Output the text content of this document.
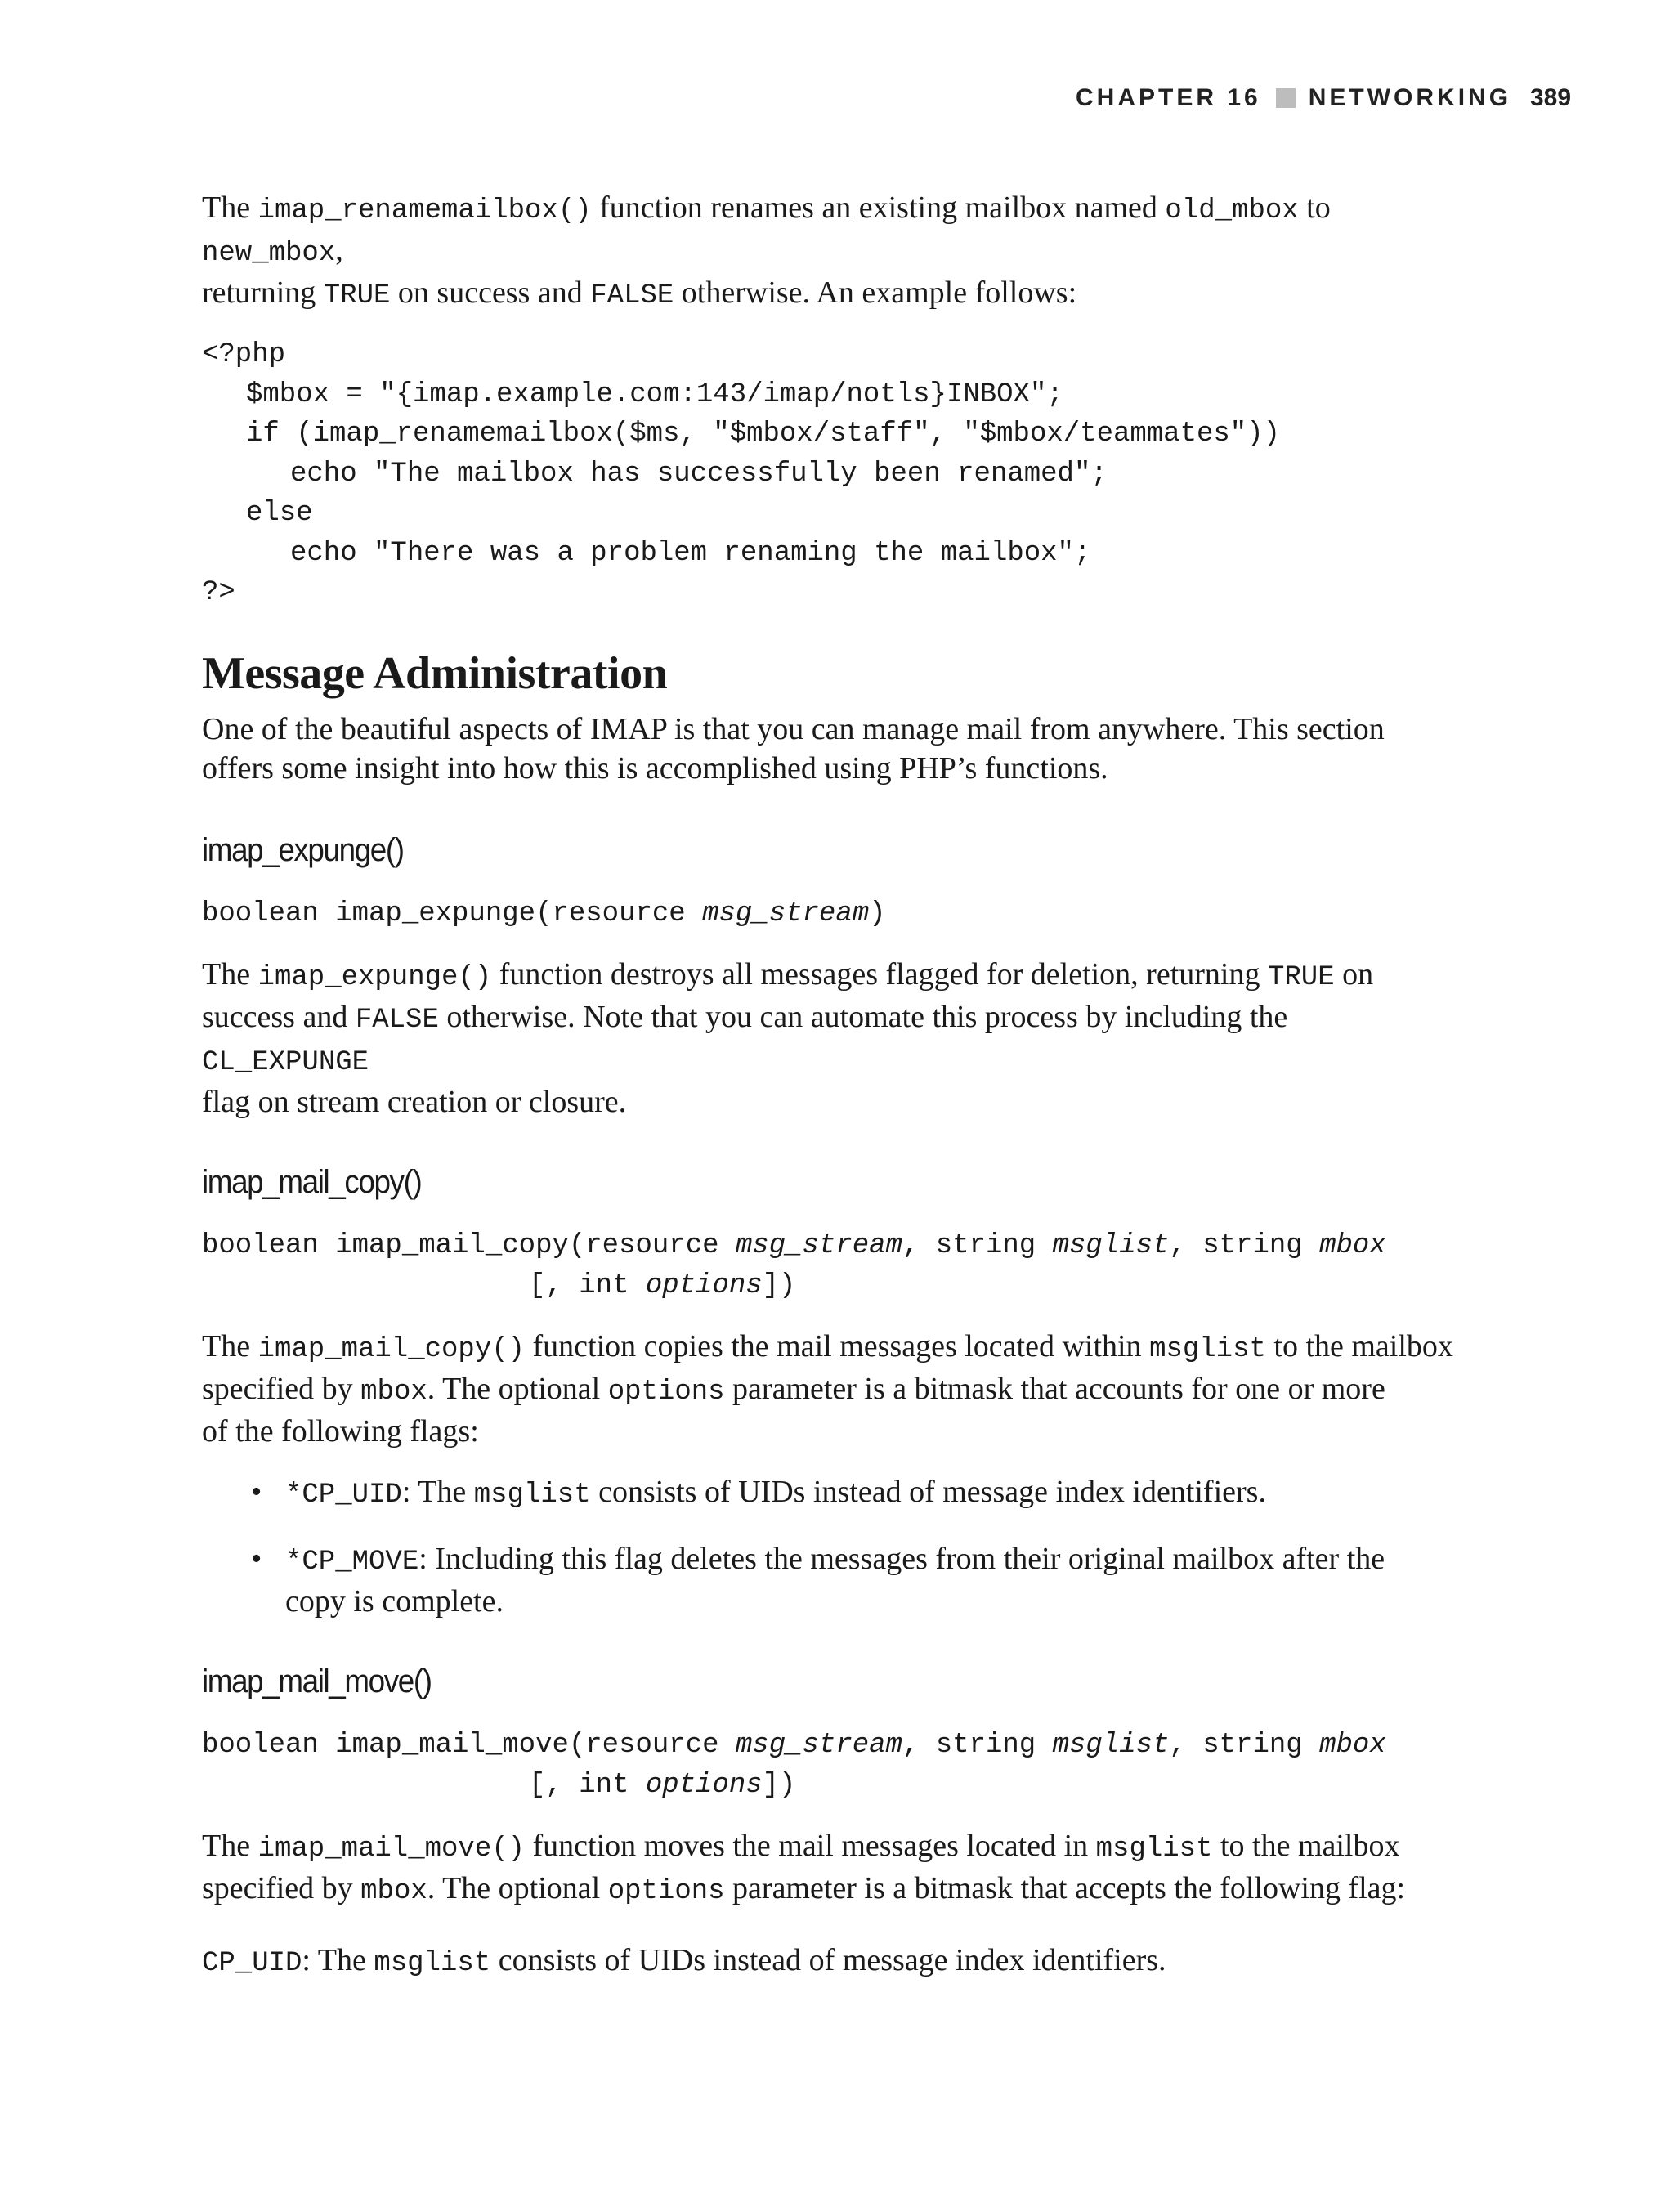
CHAPTER 16 NETWORKING 389

The imap_renamemailbox() function renames an existing mailbox named old_mbox to new_mbox,
returning TRUE on success and FALSE otherwise. An example follows:

<?php
$mbox = "{imap.example.com:143/imap/notls}INBOX";
if (imap_renamemailbox($ms, "$mbox/staff", "$mbox/teammates"))
echo "The mailbox has successfully been renamed";
else
echo "There was a problem renaming the mailbox";
?>
Message Administration

One of the beautiful aspects of IMAP is that you can manage mail from anywhere. This section
offers some insight into how this is accomplished using PHP’s functions.

imap_expunge()
boolean imap_expunge(resource msg_stream)

The imap_expunge() function destroys all messages flagged for deletion, returning TRUE on
success and FALSE otherwise. Note that you can automate this process by including the CL_EXPUNGE
flag on stream creation or closure.

imap_mail_copy()
boolean imap_mail_copy(resource msg_stream, string msglist, string mbox
[, int options])

The imap_mail_copy() function copies the mail messages located within msglist to the mailbox
specified by mbox. The optional options parameter is a bitmask that accounts for one or more
of the following flags:

• *CP_UID: The msglist consists of UIDs instead of message index identifiers.
• *CP_MOVE: Including this flag deletes the messages from their original mailbox after the
copy is complete.
imap_mail_move()
boolean imap_mail_move(resource msg_stream, string msglist, string mbox
[, int options])

The imap_mail_move() function moves the mail messages located in msglist to the mailbox
specified by mbox. The optional options parameter is a bitmask that accepts the following flag:

CP_UID: The msglist consists of UIDs instead of message index identifiers.
